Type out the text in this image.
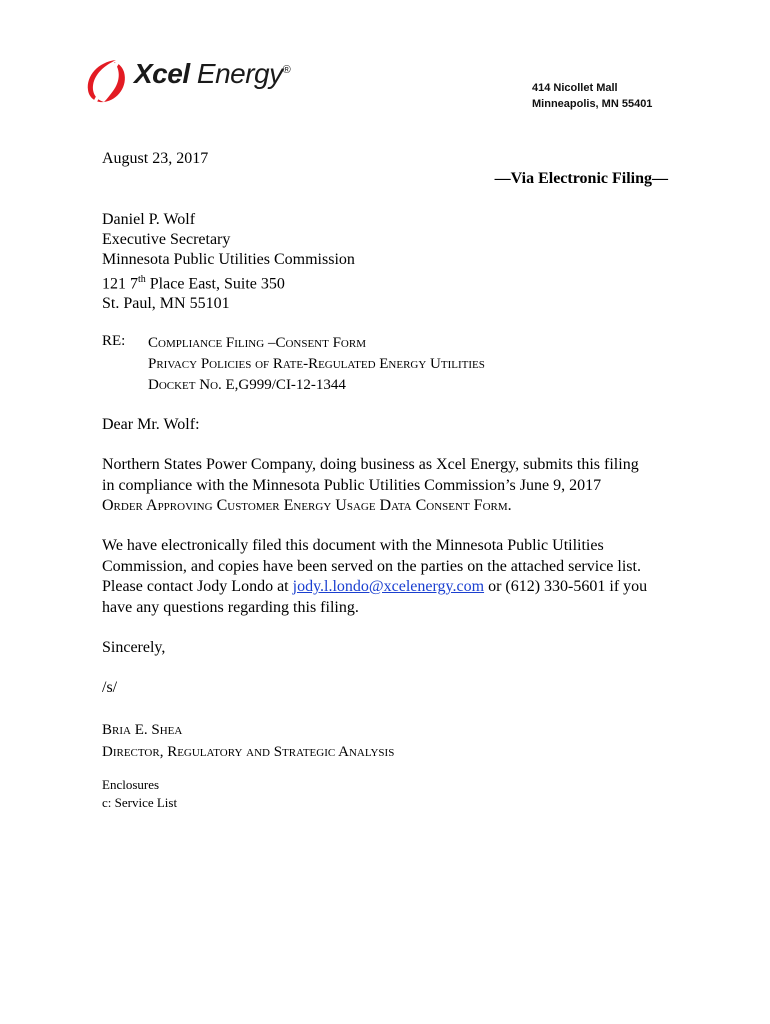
Xcel Energy®
414 Nicollet Mall
Minneapolis, MN 55401
August 23, 2017
—Via Electronic Filing—
Daniel P. Wolf
Executive Secretary
Minnesota Public Utilities Commission
121 7th Place East, Suite 350
St. Paul, MN 55101
RE: Compliance Filing –Consent Form
Privacy Policies of Rate-Regulated Energy Utilities
Docket No. E,G999/CI-12-1344
Dear Mr. Wolf:
Northern States Power Company, doing business as Xcel Energy, submits this filing
in compliance with the Minnesota Public Utilities Commission’s June 9, 2017
Order Approving Customer Energy Usage Data Consent Form.
We have electronically filed this document with the Minnesota Public Utilities
Commission, and copies have been served on the parties on the attached service list.
Please contact Jody Londo at jody.l.londo@xcelenergy.com or (612) 330-5601 if you
have any questions regarding this filing.
Sincerely,
/s/
Bria E. Shea
Director, Regulatory and Strategic Analysis
Enclosures
c: Service List
